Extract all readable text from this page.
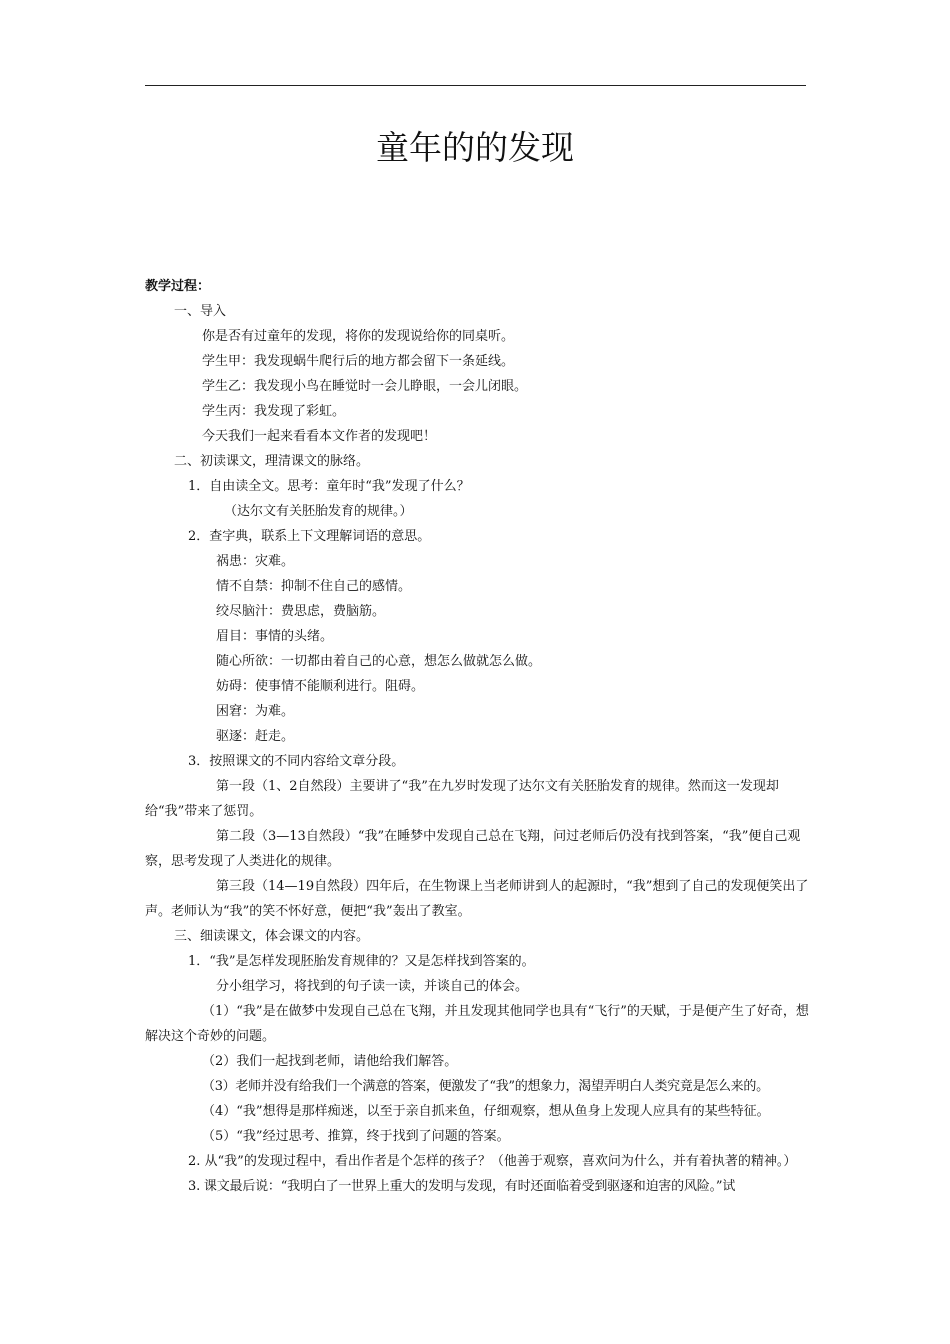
童年的的发现
教学过程：
一、导入
你是否有过童年的发现，将你的发现说给你的同桌听。
学生甲：我发现蜗牛爬行后的地方都会留下一条延线。
学生乙：我发现小鸟在睡觉时一会儿睁眼，一会儿闭眼。
学生丙：我发现了彩虹。
今天我们一起来看看本文作者的发现吧！
二、初读课文，理清课文的脉络。
1．自由读全文。思考：童年时“我”发现了什么？
（达尔文有关胚胎发育的规律。）
2．查字典，联系上下文理解词语的意思。
祸患：灾难。
情不自禁：抑制不住自己的感情。
绞尽脑汁：费思虑，费脑筋。
眉目：事情的头绪。
随心所欲：一切都由着自己的心意，想怎么做就怎么做。
妨碍：使事情不能顺利进行。阻碍。
困窘：为难。
驱逐：赶走。
3．按照课文的不同内容给文章分段。
第一段（1、2自然段）主要讲了“我”在九岁时发现了达尔文有关胚胎发育的规律。然而这一发现却给“我”带来了惩罚。
第二段（3—13自然段）“我”在睡梦中发现自己总在飞翔，问过老师后仍没有找到答案，“我”便自己观察，思考发现了人类进化的规律。
第三段（14—19自然段）四年后，在生物课上当老师讲到人的起源时，“我”想到了自己的发现便笑出了声。老师认为“我”的笑不怀好意，便把“我”轰出了教室。
三、细读课文，体会课文的内容。
1．“我”是怎样发现胚胎发育规律的？又是怎样找到答案的。
分小组学习，将找到的句子读一读，并谈自己的体会。
（1）“我”是在做梦中发现自己总在飞翔，并且发现其他同学也具有“飞行”的天赋，于是便产生了好奇，想解决这个奇妙的问题。
（2）我们一起找到老师，请他给我们解答。
（3）老师并没有给我们一个满意的答案，便激发了“我”的想象力，渴望弄明白人类究竟是怎么来的。
（4）“我”想得是那样痴迷，以至于亲自抓来鱼，仔细观察，想从鱼身上发现人应具有的某些特征。
（5）“我”经过思考、推算，终于找到了问题的答案。
2. 从“我”的发现过程中，看出作者是个怎样的孩子？（他善于观察，喜欢问为什么，并有着执著的精神。）
3. 课文最后说：“我明白了一世界上重大的发明与发现，有时还面临着受到驱逐和迫害的风险。”试
